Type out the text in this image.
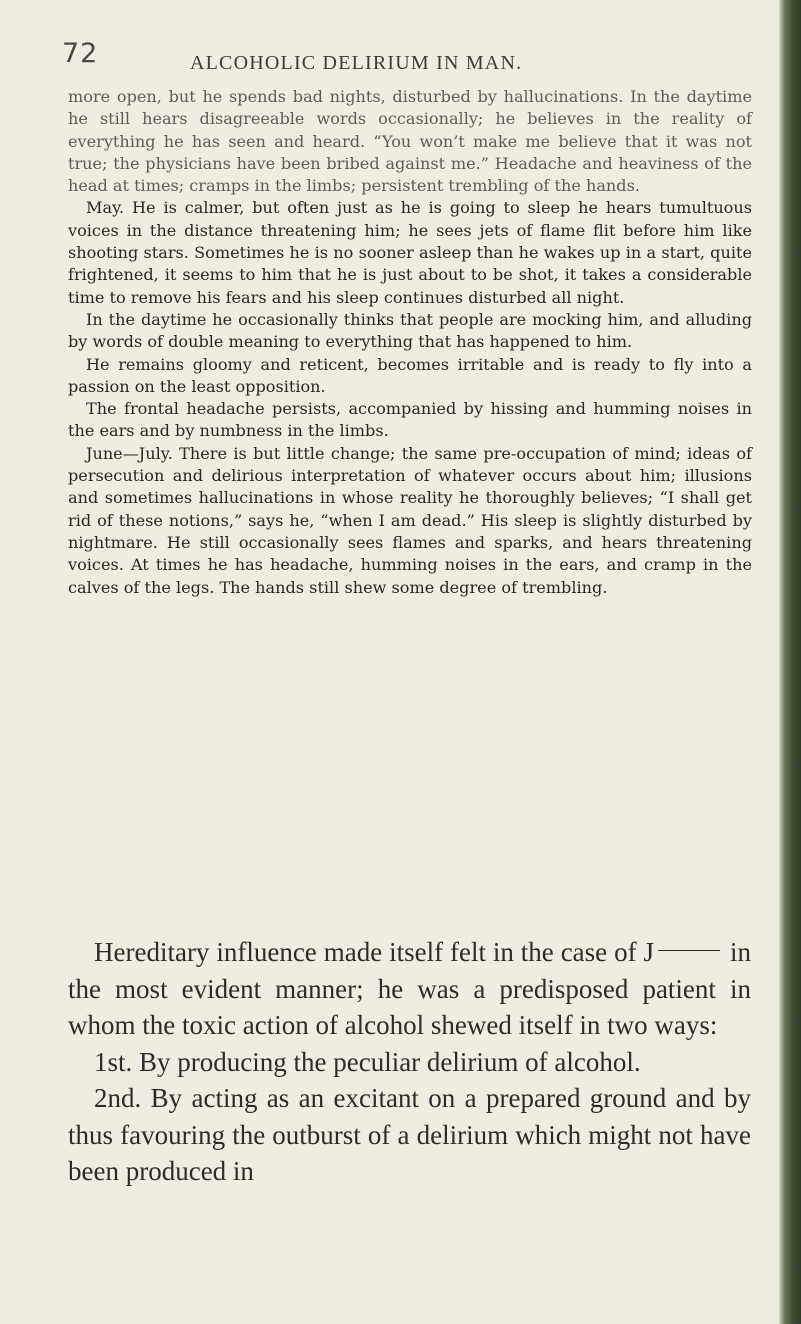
72	ALCOHOLIC DELIRIUM IN MAN.

more open, but he spends bad nights, disturbed by hallucinations. In the daytime he still hears disagreeable words occasionally; he believes in the reality of everything he has seen and heard. “You won’t make me believe that it was not true; the physicians have been bribed against me.” Headache and heaviness of the head at times; cramps in the limbs; persistent trembling of the hands.

May. He is calmer, but often just as he is going to sleep he hears tumultuous voices in the distance threatening him; he sees jets of flame flit before him like shooting stars. Sometimes he is no sooner asleep than he wakes up in a start, quite frightened, it seems to him that he is just about to be shot, it takes a considerable time to remove his fears and his sleep continues disturbed all night.

In the daytime he occasionally thinks that people are mocking him, and alluding by words of double meaning to everything that has happened to him.

He remains gloomy and reticent, becomes irritable and is ready to fly into a passion on the least opposition.

The frontal headache persists, accompanied by hissing and humming noises in the ears and by numbness in the limbs.

June—July. There is but little change; the same pre-occupation of mind; ideas of persecution and delirious interpretation of whatever occurs about him; illusions and sometimes hallucinations in whose reality he thoroughly believes; “I shall get rid of these notions,” says he, “when I am dead.” His sleep is slightly disturbed by nightmare. He still occasionally sees flames and sparks, and hears threatening voices. At times he has headache, humming noises in the ears, and cramp in the calves of the legs. The hands still shew some degree of trembling.

Hereditary influence made itself felt in the case of J	in the most evident manner; he was a predisposed patient in whom the toxic action of alcohol shewed itself in two ways:

1st. By producing the peculiar delirium of alcohol.

2nd. By acting as an excitant on a prepared ground and by thus favouring the outburst of a delirium which might not have been produced in
